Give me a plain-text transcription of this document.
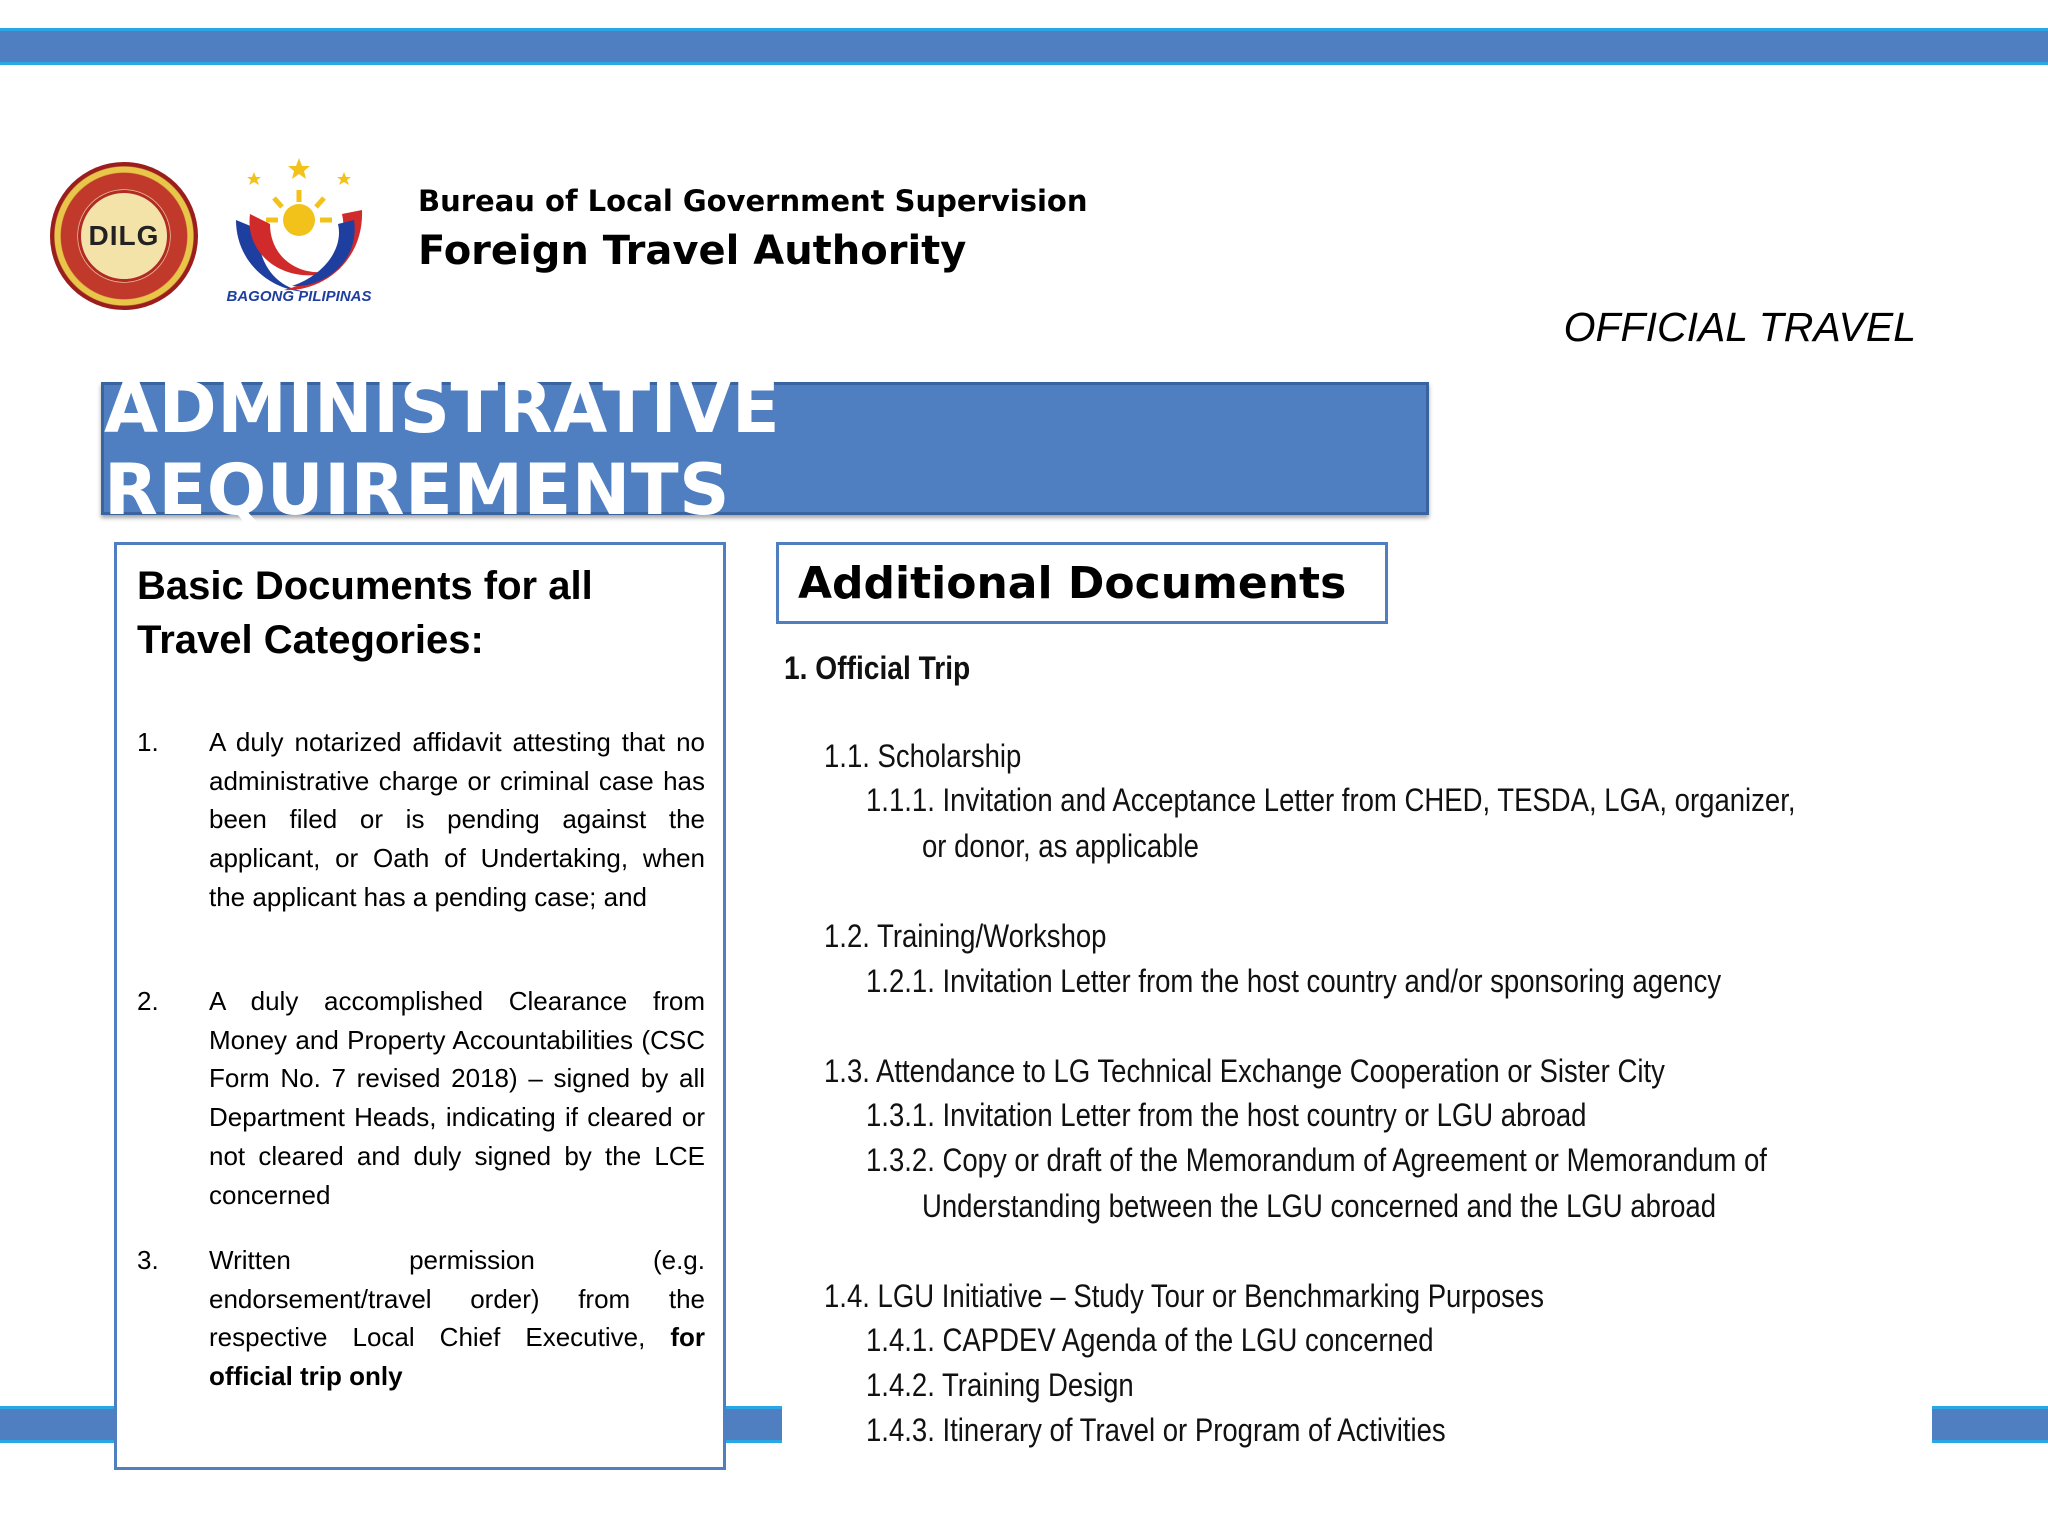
DILG
BAGONG PILIPINAS
Bureau of Local Government Supervision
Foreign Travel Authority
OFFICIAL TRAVEL
ADMINISTRATIVE REQUIREMENTS
Basic Documents for all Travel Categories:
1. A duly notarized affidavit attesting that no administrative charge or criminal case has been filed or is pending against the applicant, or Oath of Undertaking, when the applicant has a pending case; and
2. A duly accomplished Clearance from Money and Property Accountabilities (CSC Form No. 7 revised 2018) – signed by all Department Heads, indicating if cleared or not cleared and duly signed by the LCE concerned
3. Written permission (e.g. endorsement/travel order) from the respective Local Chief Executive, for official trip only
Additional Documents
1. Official Trip
1.1. Scholarship
1.1.1. Invitation and Acceptance Letter from CHED, TESDA, LGA, organizer,
or donor, as applicable
1.2. Training/Workshop
1.2.1. Invitation Letter from the host country and/or sponsoring agency
1.3. Attendance to LG Technical Exchange Cooperation or Sister City
1.3.1. Invitation Letter from the host country or LGU abroad
1.3.2. Copy or draft of the Memorandum of Agreement or Memorandum of
Understanding between the LGU concerned and the LGU abroad
1.4. LGU Initiative – Study Tour or Benchmarking Purposes
1.4.1. CAPDEV Agenda of the LGU concerned
1.4.2. Training Design
1.4.3. Itinerary of Travel or Program of Activities
